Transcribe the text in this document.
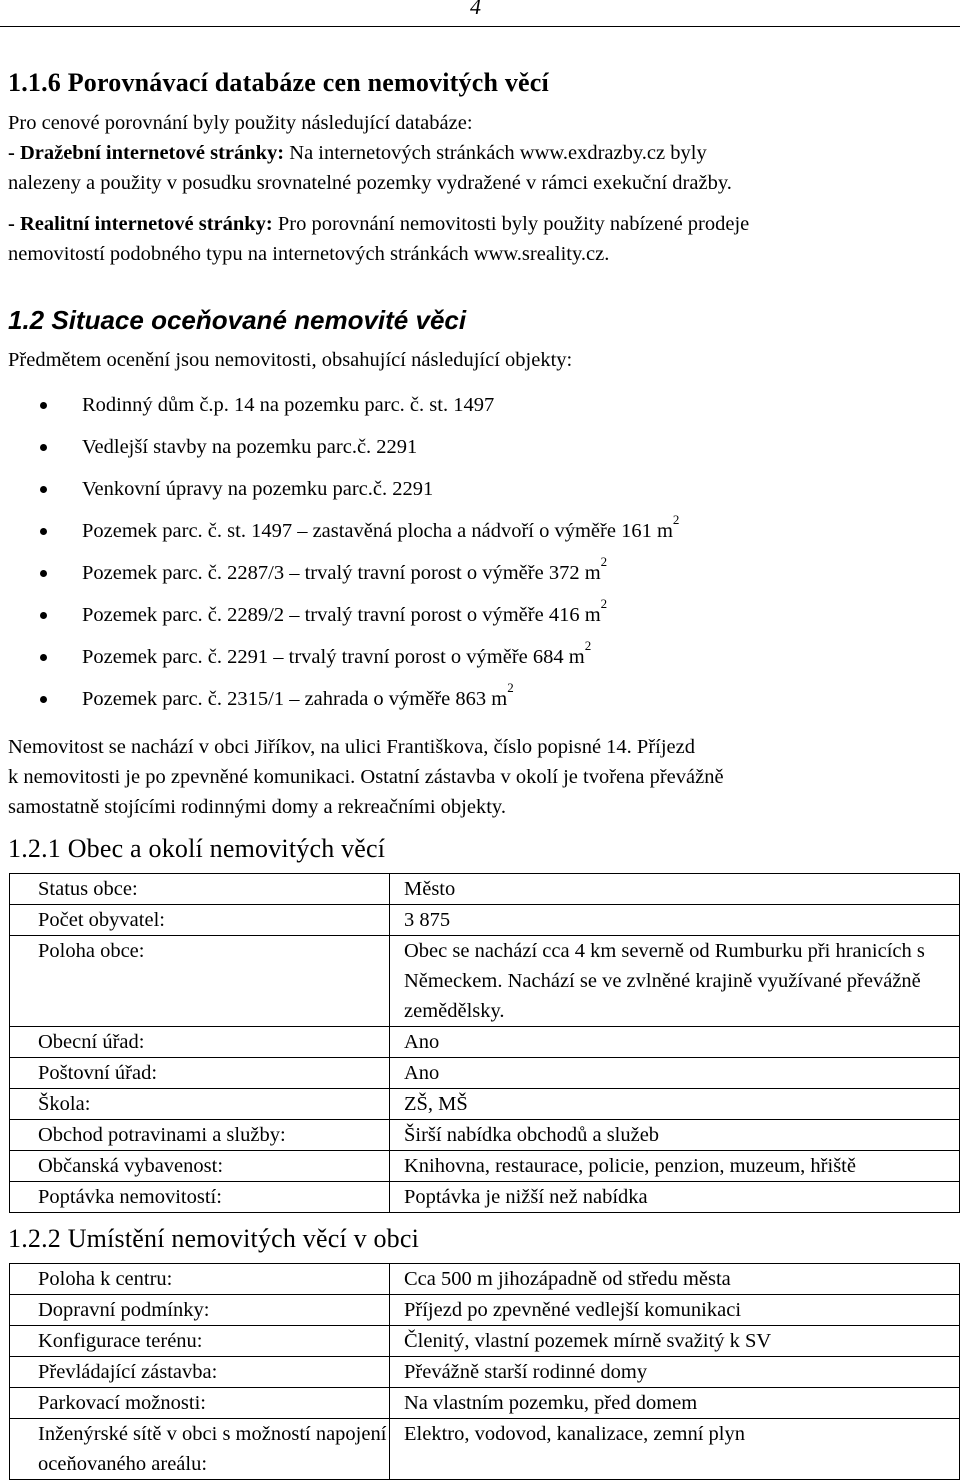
4
1.1.6 Porovnávací databáze cen nemovitých věcí
Pro cenové porovnání byly použity následující databáze:
- Dražební internetové stránky: Na internetových stránkách www.exdrazby.cz byly
nalezeny a použity v posudku srovnatelné pozemky vydražené v rámci exekuční dražby.
- Realitní internetové stránky: Pro porovnání nemovitosti byly použity nabízené prodeje
nemovitostí podobného typu na internetových stránkách www.sreality.cz.
1.2 Situace oceňované nemovité věci
Předmětem ocenění jsou nemovitosti, obsahující následující objekty:
Rodinný dům č.p. 14 na pozemku parc. č. st. 1497
Vedlejší stavby na pozemku parc.č. 2291
Venkovní úpravy na pozemku parc.č. 2291
Pozemek parc. č. st. 1497 – zastavěná plocha a nádvoří o výměře 161 $m^2$
Pozemek parc. č. 2287/3 – trvalý travní porost o výměře 372 $m^2$
Pozemek parc. č. 2289/2 – trvalý travní porost o výměře 416 $m^2$
Pozemek parc. č. 2291 – trvalý travní porost o výměře 684 $m^2$
Pozemek parc. č. 2315/1 – zahrada o výměře 863 $m^2$
Nemovitost se nachází v obci Jiříkov, na ulici Františkova, číslo popisné 14. Příjezd
k nemovitosti je po zpevněné komunikaci. Ostatní zástavba v okolí je tvořena převážně
samostatně stojícími rodinnými domy a rekreačními objekty.
1.2.1 Obec a okolí nemovitých věcí
Status obce:	Město
Počet obyvatel:	3 875
Poloha obce:	Obec se nachází cca 4 km severně od Rumburku při hranicích s Německem. Nachází se ve zvlněné krajině využívané převážně zemědělsky.
Obecní úřad:	Ano
Poštovní úřad:	Ano
Škola:	ZŠ, MŠ
Obchod potravinami a služby:	Širší nabídka obchodů a služeb
Občanská vybavenost:	Knihovna, restaurace, policie, penzion, muzeum, hřiště
Poptávka nemovitostí:	Poptávka je nižší než nabídka
1.2.2 Umístění nemovitých věcí v obci
Poloha k centru:	Cca 500 m jihozápadně od středu města
Dopravní podmínky:	Příjezd po zpevněné vedlejší komunikaci
Konfigurace terénu:	Členitý, vlastní pozemek mírně svažitý k SV
Převládající zástavba:	Převážně starší rodinné domy
Parkovací možnosti:	Na vlastním pozemku, před domem
Inženýrské sítě v obci s možností napojení oceňovaného areálu:	Elektro, vodovod, kanalizace, zemní plyn
